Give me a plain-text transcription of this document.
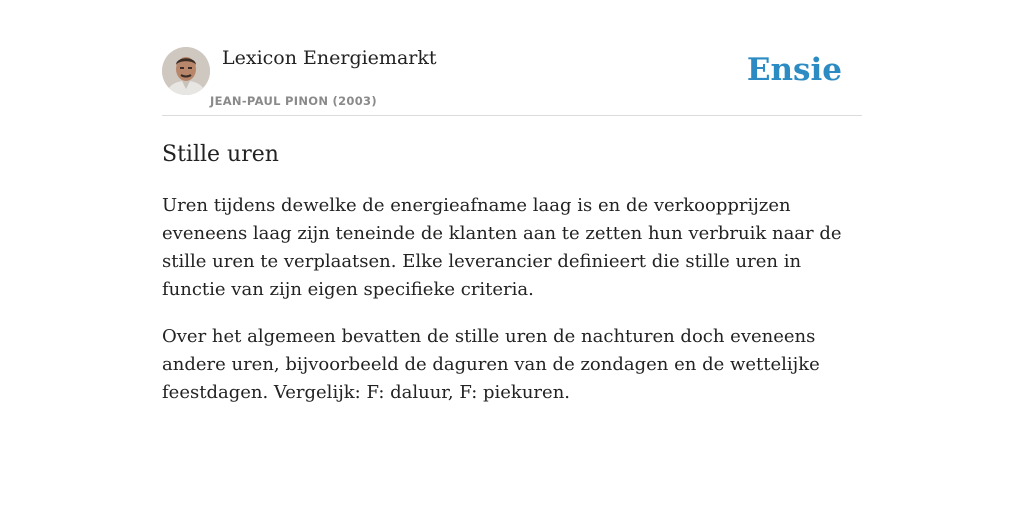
Lexicon Energiemarkt
JEAN-PAUL PINON (2003)
Ensie
Stille uren

Uren tijdens dewelke de energieafname laag is en de verkoopprijzen eveneens laag zijn teneinde de klanten aan te zetten hun verbruik naar de stille uren te verplaatsen. Elke leverancier definieert die stille uren in functie van zijn eigen specifieke criteria.

Over het algemeen bevatten de stille uren de nachturen doch eveneens andere uren, bijvoorbeeld de daguren van de zondagen en de wettelijke feestdagen. Vergelijk: F: daluur, F: piekuren.
